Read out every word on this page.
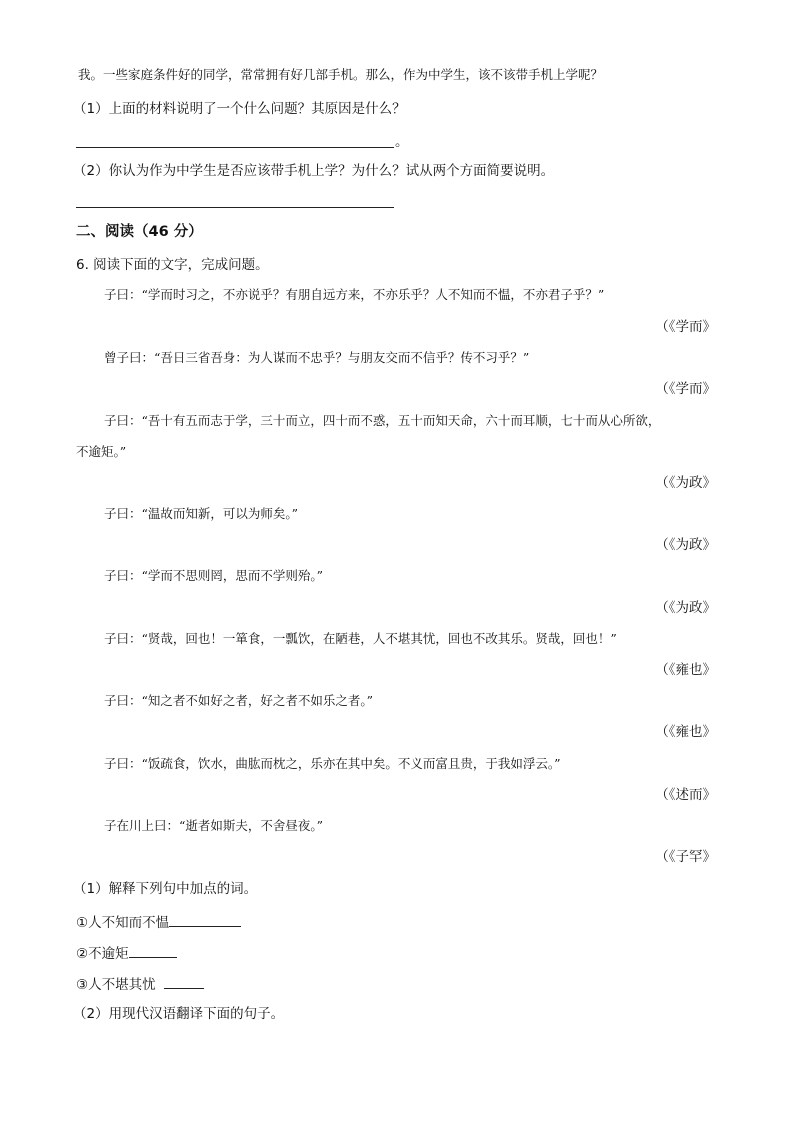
我。一些家庭条件好的同学，常常拥有好几部手机。那么，作为中学生，该不该带手机上学呢？
（1）上面的材料说明了一个什么问题？其原因是什么？
。
（2）你认为作为中学生是否应该带手机上学？为什么？试从两个方面简要说明。
二、阅读（46 分）
6. 阅读下面的文字，完成问题。
子曰：“学而时习之，不亦说乎？有朋自远方来，不亦乐乎？人不知而不愠，不亦君子乎？”
（《学而》
曾子曰：“吾日三省吾身：为人谋而不忠乎？与朋友交而不信乎？传不习乎？”
（《学而》
子曰：“吾十有五而志于学，三十而立，四十而不惑，五十而知天命，六十而耳顺，七十而从心所欲，
不逾矩。”
（《为政》
子曰：“温故而知新，可以为师矣。”
（《为政》
子曰：“学而不思则罔，思而不学则殆。”
（《为政》
子曰：“贤哉，回也！一箪食，一瓢饮，在陋巷，人不堪其忧，回也不改其乐。贤哉，回也！”
（《雍也》
子曰：“知之者不如好之者，好之者不如乐之者。”
（《雍也》
子曰：“饭疏食，饮水，曲肱而枕之，乐亦在其中矣。不义而富且贵，于我如浮云。”
（《述而》
子在川上曰：“逝者如斯夫，不舍昼夜。”
（《子罕》
（1）解释下列句中加点的词。
①人不知而不愠
②不逾矩
③人不堪其忧
（2）用现代汉语翻译下面的句子。
